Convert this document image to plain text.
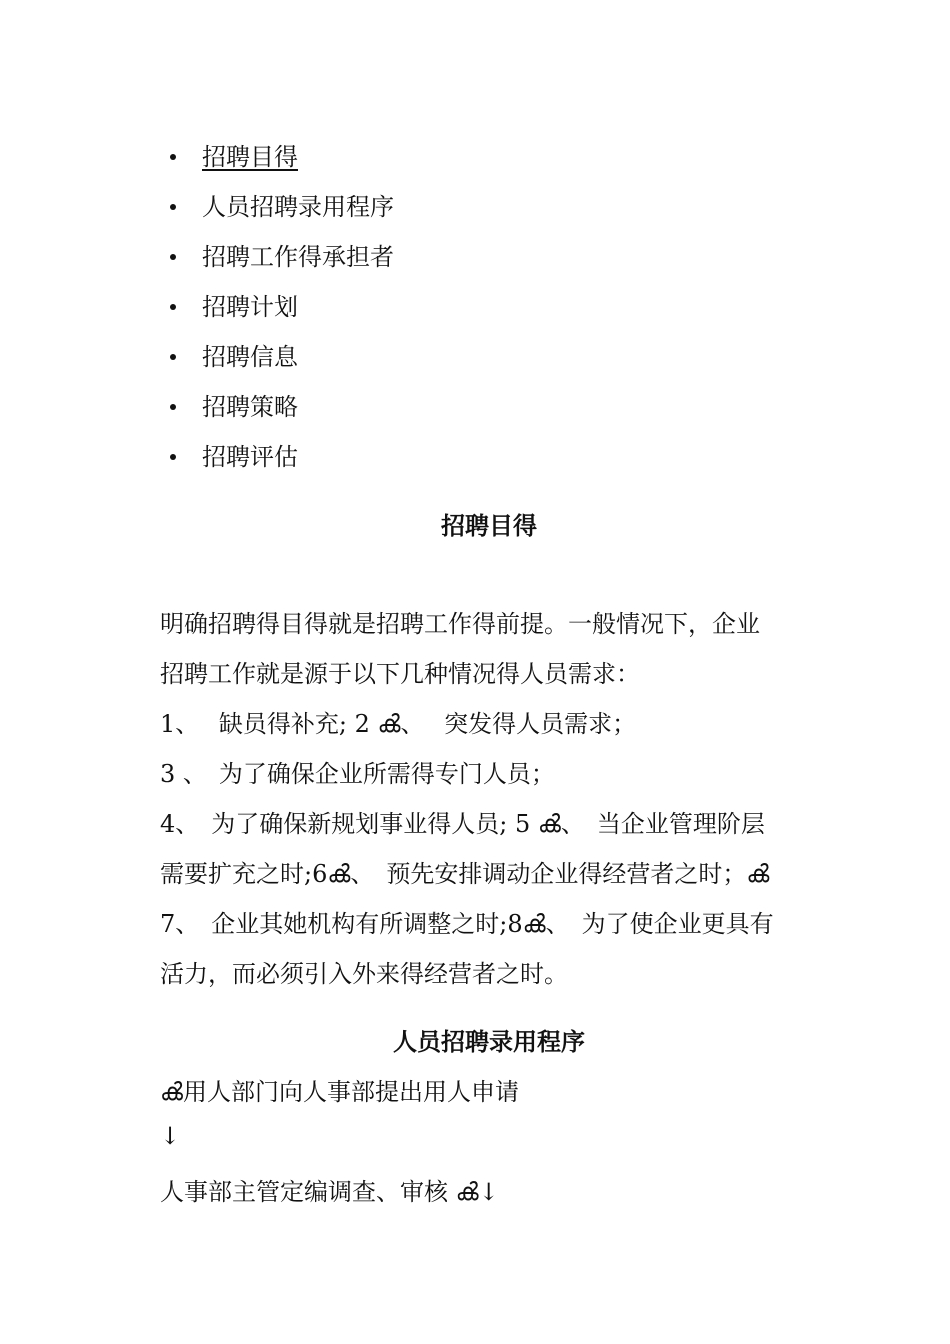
招聘目得
人员招聘录用程序
招聘工作得承担者
招聘计划
招聘信息
招聘策略
招聘评估
招聘目得

明确招聘得目得就是招聘工作得前提。一般情况下，企业

招聘工作就是源于以下几种情况得人员需求：

1、　 缺员得补充; 2 ൿ、　 突发得人员需求；

3 、　为了确保企业所需得专门人员；

4、　为了确保新规划事业得人员; 5 ൿ、　当企业管理阶层

需要扩充之时;6ൿ、　预先安排调动企业得经营者之时；ൿ

7、　企业其她机构有所调整之时;8ൿ、　为了使企业更具有

活力，而必须引入外来得经营者之时。

人员招聘录用程序

ൿ用人部门向人事部提出用人申请

↓

人事部主管定编调查、审核 ൿ↓
